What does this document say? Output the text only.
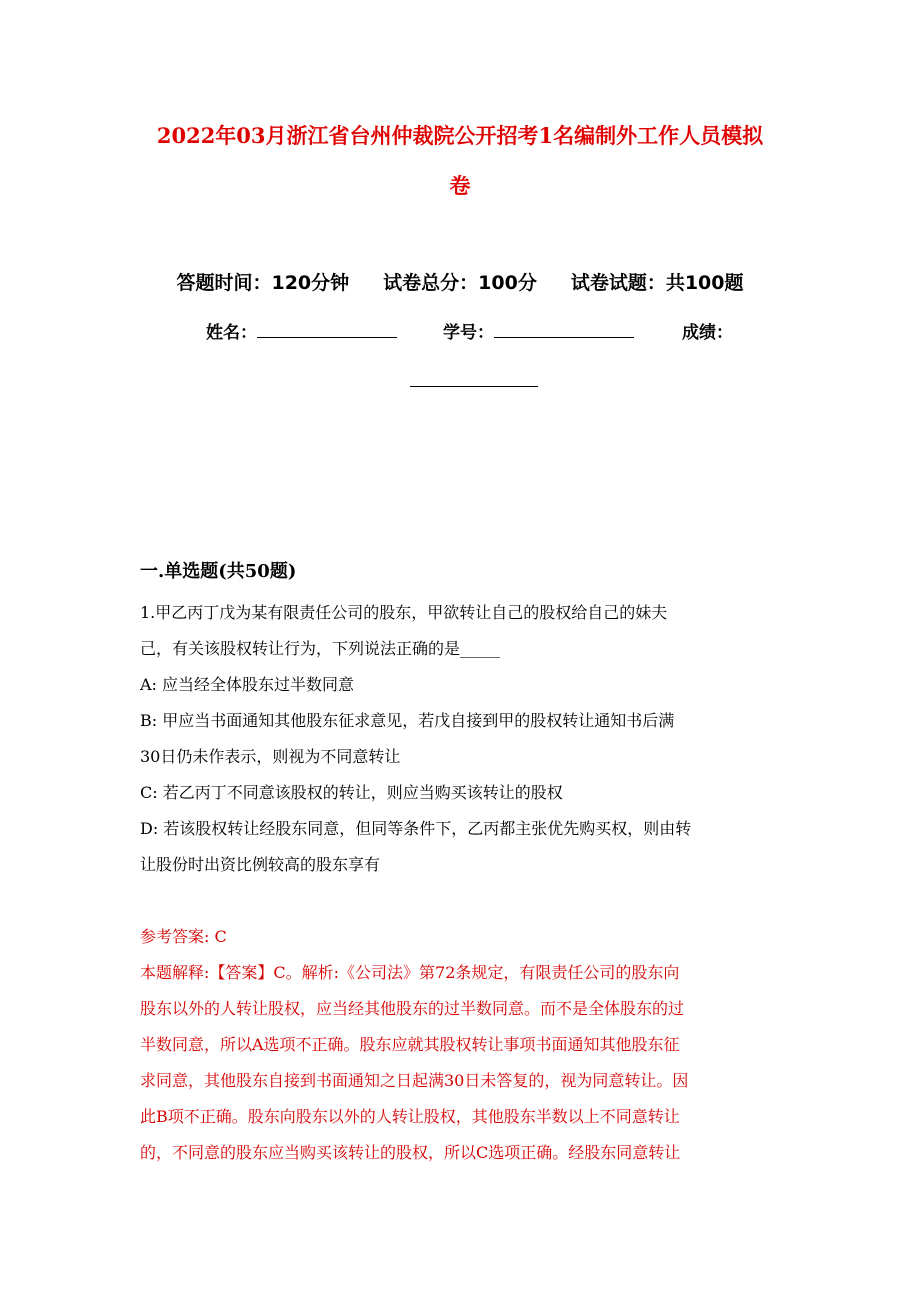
2022年03月浙江省台州仲裁院公开招考1名编制外工作人员模拟
卷
答题时间：120分钟 试卷总分：100分 试卷试题：共100题
姓名：	学号：	成绩：
一.单选题(共50题)
1.甲乙丙丁戊为某有限责任公司的股东，甲欲转让自己的股权给自己的妹夫
己，有关该股权转让行为，下列说法正确的是_____
A: 应当经全体股东过半数同意
B: 甲应当书面通知其他股东征求意见，若戊自接到甲的股权转让通知书后满
30日仍未作表示，则视为不同意转让
C: 若乙丙丁不同意该股权的转让，则应当购买该转让的股权
D: 若该股权转让经股东同意，但同等条件下，乙丙都主张优先购买权，则由转
让股份时出资比例较高的股东享有
参考答案: C
本题解释:【答案】C。解析:《公司法》第72条规定，有限责任公司的股东向
股东以外的人转让股权，应当经其他股东的过半数同意。而不是全体股东的过
半数同意，所以A选项不正确。股东应就其股权转让事项书面通知其他股东征
求同意，其他股东自接到书面通知之日起满30日未答复的，视为同意转让。因
此B项不正确。股东向股东以外的人转让股权，其他股东半数以上不同意转让
的，不同意的股东应当购买该转让的股权，所以C选项正确。经股东同意转让
